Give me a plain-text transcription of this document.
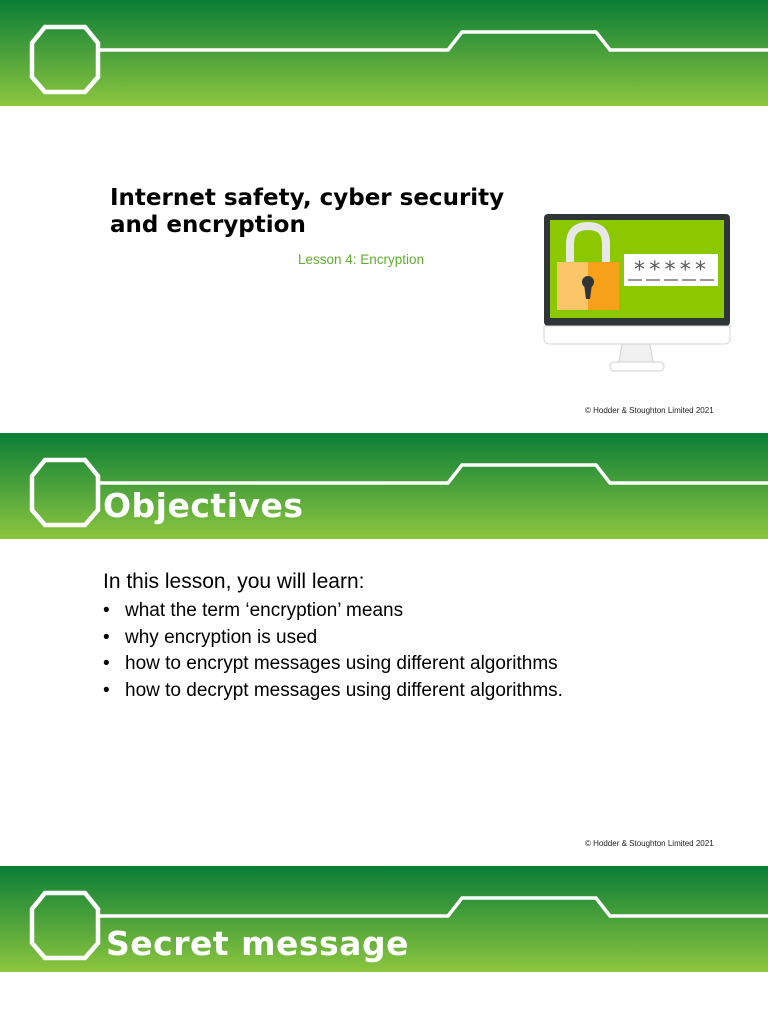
Internet safety, cyber security and encryption
Lesson 4: Encryption	*****
© Hodder & Stoughton Limited 2021
Objectives
In this lesson, you will learn:
• what the term ‘encryption’ means
• why encryption is used
• how to encrypt messages using different algorithms
• how to decrypt messages using different algorithms.
© Hodder & Stoughton Limited 2021
Secret message
